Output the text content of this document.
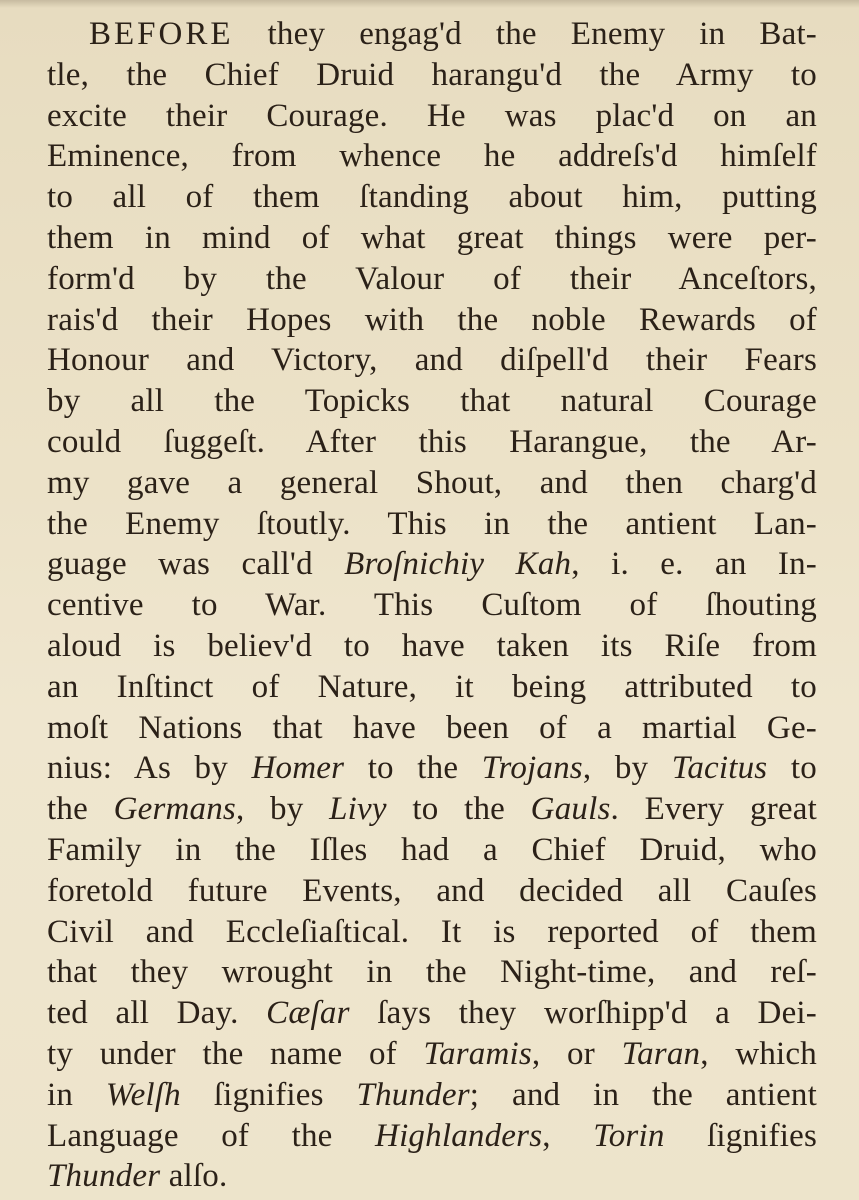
BEFORE they engag'd the Enemy in Bat-
tle, the Chief Druid harangu'd the Army to
excite their Courage. He was plac'd on an
Eminence, from whence he addreſs'd himſelf
to all of them ſtanding about him, putting
them in mind of what great things were per-
form'd by the Valour of their Anceſtors,
rais'd their Hopes with the noble Rewards of
Honour and Victory, and diſpell'd their Fears
by all the Topicks that natural Courage
could ſuggeſt. After this Harangue, the Ar-
my gave a general Shout, and then charg'd
the Enemy ſtoutly. This in the antient Lan-
guage was call'd Broſnichiy Kah, i. e. an In-
centive to War. This Cuſtom of ſhouting
aloud is believ'd to have taken its Riſe from
an Inſtinct of Nature, it being attributed to
moſt Nations that have been of a martial Ge-
nius: As by Homer to the Trojans, by Tacitus to
the Germans, by Livy to the Gauls. Every great
Family in the Iſles had a Chief Druid, who
foretold future Events, and decided all Cauſes
Civil and Eccleſiaſtical. It is reported of them
that they wrought in the Night-time, and reſ-
ted all Day. Cæſar ſays they worſhipp'd a Dei-
ty under the name of Taramis, or Taran, which
in Welſh ſignifies Thunder; and in the antient
Language of the Highlanders, Torin ſignifies
Thunder alſo.
